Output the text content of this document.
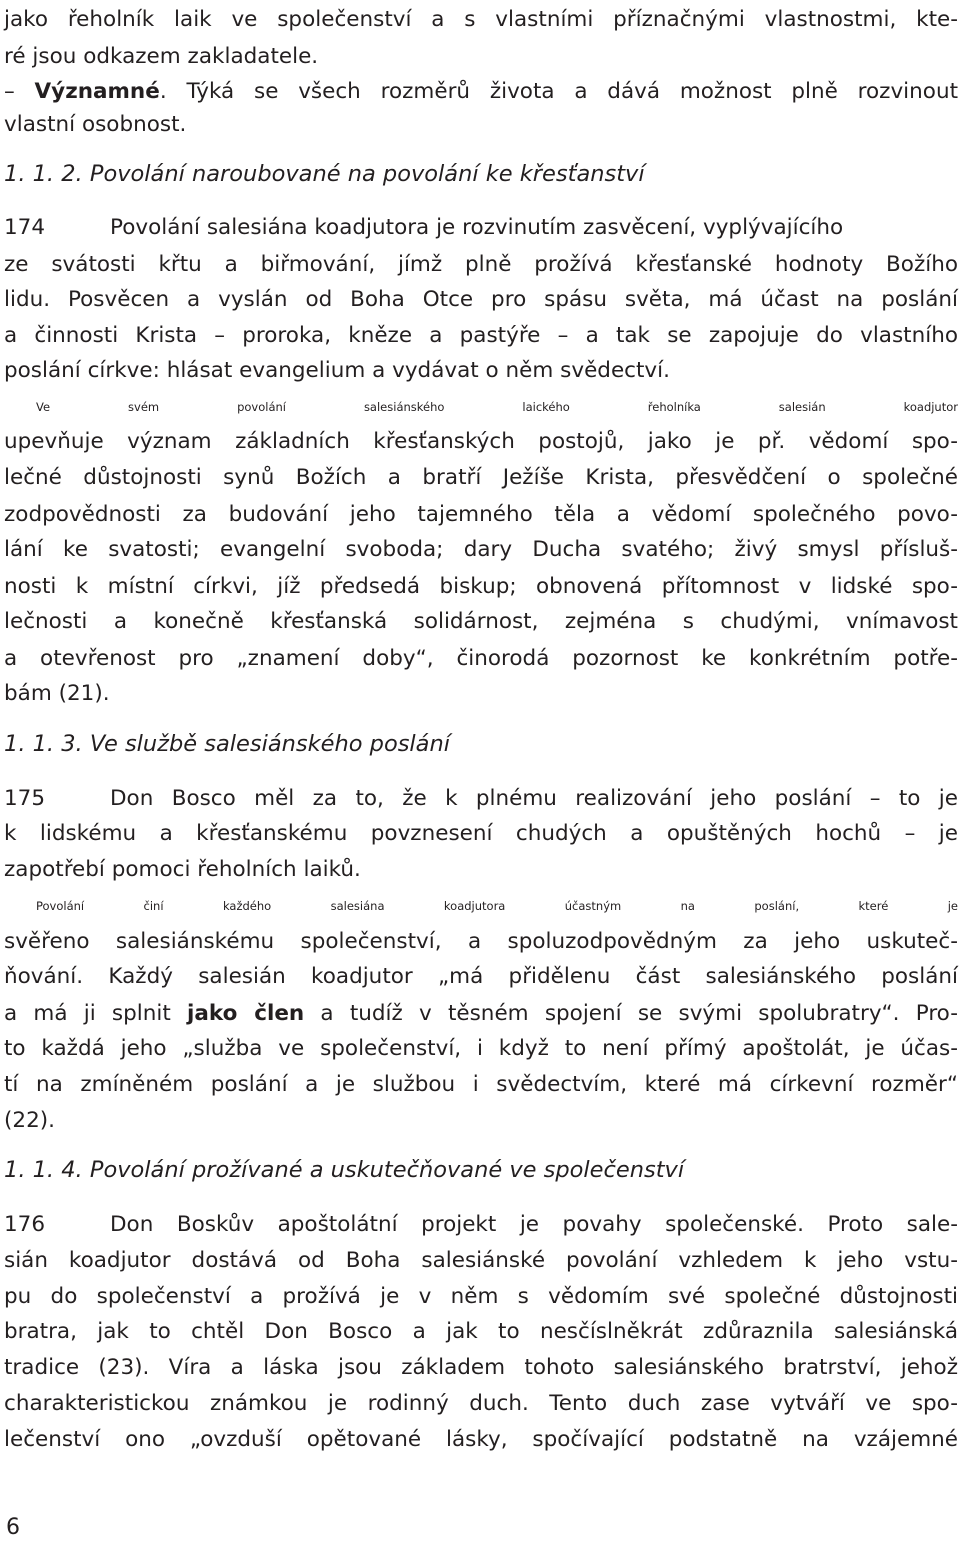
jako řeholník laik ve společenství a s vlastními příznačnými vlastnostmi, kte-
ré jsou odkazem zakladatele.
– Významné. Týká se všech rozměrů života a dává možnost plně rozvinout
vlastní osobnost.
1. 1. 2. Povolání naroubované na povolání ke křesťanství
174	Povolání salesiána koadjutora je rozvinutím zasvěcení, vyplývajícího
ze svátosti křtu a biřmování, jímž plně prožívá křesťanské hodnoty Božího
lidu. Posvěcen a vyslán od Boha Otce pro spásu světa, má účast na poslání
a činnosti Krista – proroka, kněze a pastýře – a tak se zapojuje do vlastního
poslání církve: hlásat evangelium a vydávat o něm svědectví.
Ve svém povolání salesiánského laického řeholníka salesián koadjutor
upevňuje význam základních křesťanských postojů, jako je př. vědomí spo-
lečné důstojnosti synů Božích a bratří Ježíše Krista, přesvědčení o společné
zodpovědnosti za budování jeho tajemného těla a vědomí společného povo-
lání ke svatosti; evangelní svoboda; dary Ducha svatého; živý smysl přísluš-
nosti k místní církvi, jíž předsedá biskup; obnovená přítomnost v lidské spo-
lečnosti a konečně křesťanská solidárnost, zejména s chudými, vnímavost
a otevřenost pro „znamení doby“, činorodá pozornost ke konkrétním potře-
bám (21).
1. 1. 3. Ve službě salesiánského poslání
175	Don Bosco měl za to, že k plnému realizování jeho poslání – to je
k lidskému a křesťanskému povznesení chudých a opuštěných hochů – je
zapotřebí pomoci řeholních laiků.
Povolání činí každého salesiána koadjutora účastným na poslání, které je
svěřeno salesiánskému společenství, a spoluzodpovědným za jeho uskuteč-
ňování. Každý salesián koadjutor „má přidělenu část salesiánského poslání
a má ji splnit jako člen a tudíž v těsném spojení se svými spolubratry“. Pro-
to každá jeho „služba ve společenství, i když to není přímý apoštolát, je účas-
tí na zmíněném poslání a je službou i svědectvím, které má církevní rozměr“
(22).
1. 1. 4. Povolání prožívané a uskutečňované ve společenství
176	Don Boskův apoštolátní projekt je povahy společenské. Proto sale-
sián koadjutor dostává od Boha salesiánské povolání vzhledem k jeho vstu-
pu do společenství a prožívá je v něm s vědomím své společné důstojnosti
bratra, jak to chtěl Don Bosco a jak to nesčíslněkrát zdůraznila salesiánská
tradice (23). Víra a láska jsou základem tohoto salesiánského bratrství, jehož
charakteristickou známkou je rodinný duch. Tento duch zase vytváří ve spo-
lečenství ono „ovzduší opětované lásky, spočívající podstatně na vzájemné
6
